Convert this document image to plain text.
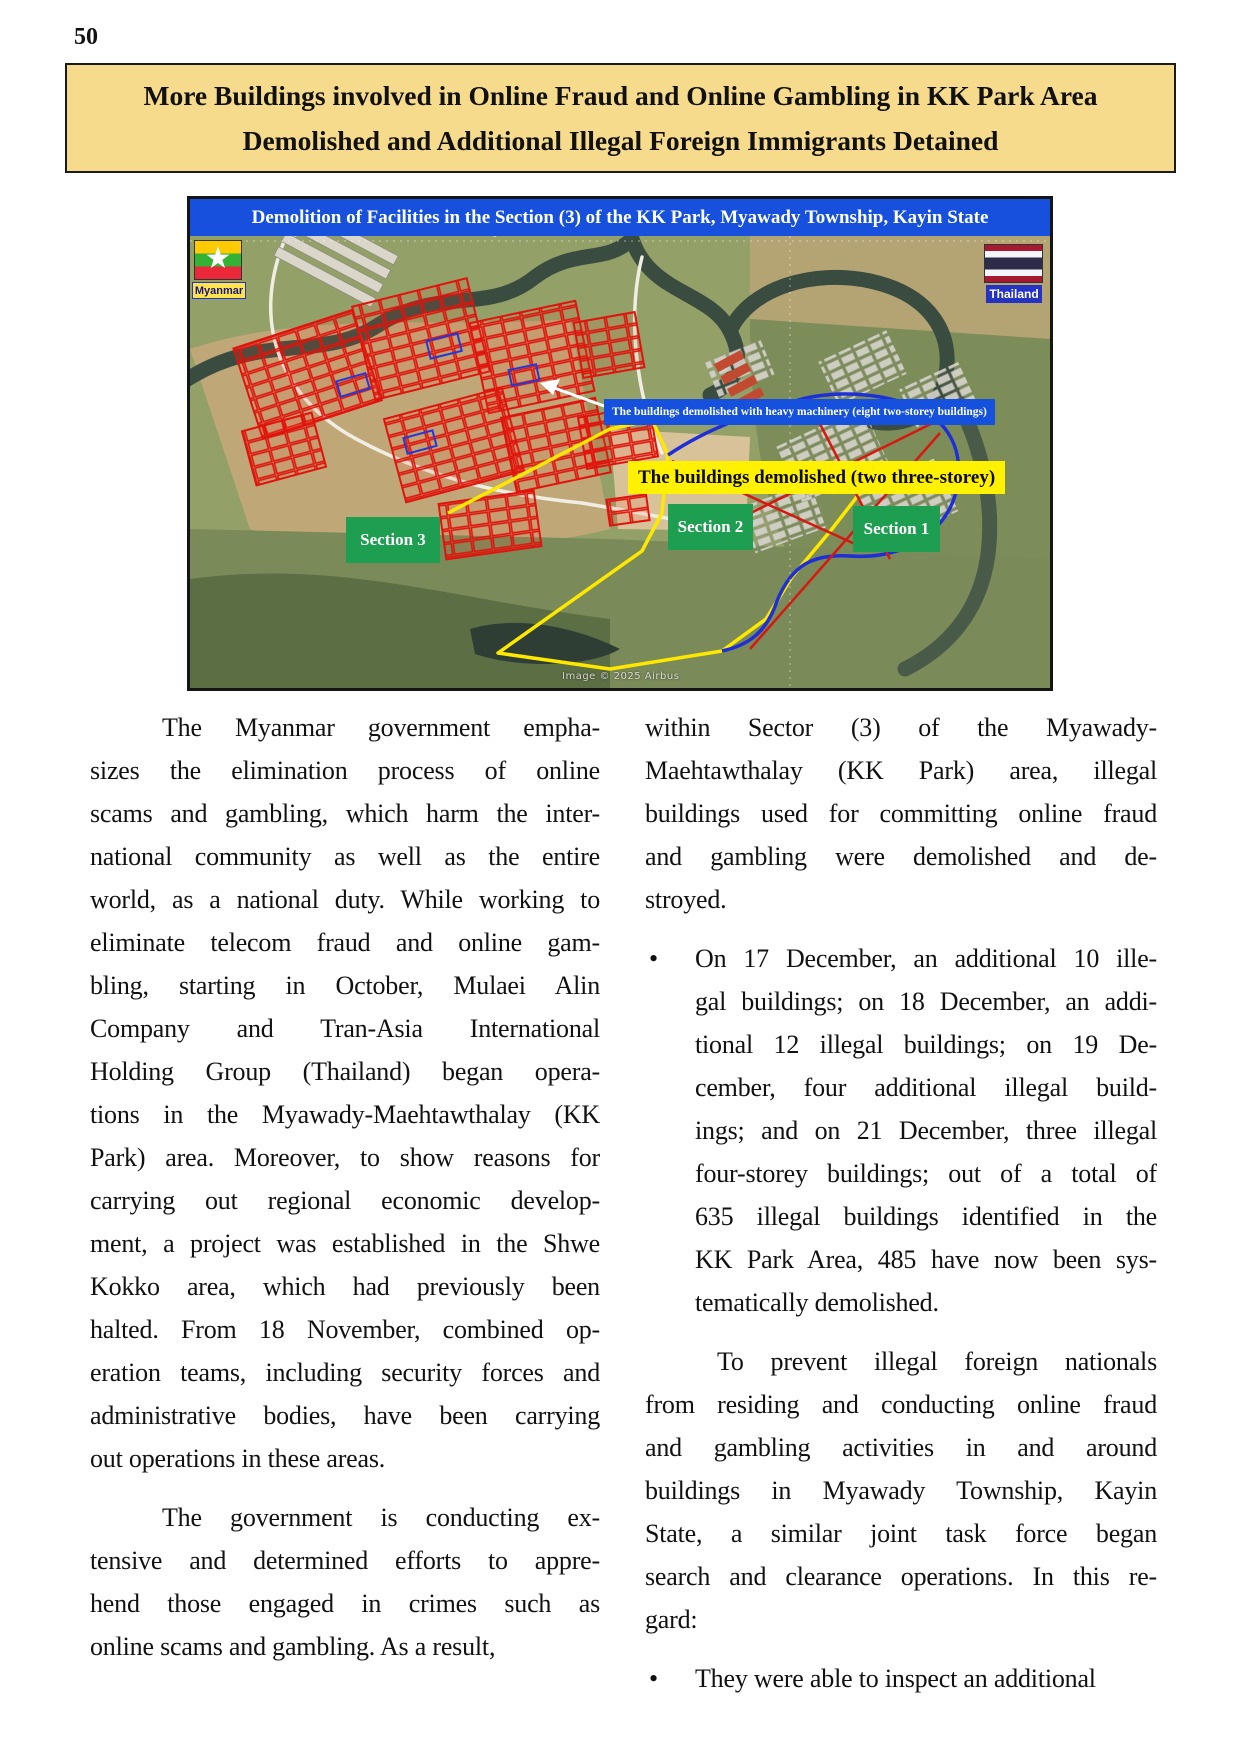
50
More Buildings involved in Online Fraud and Online Gambling in KK Park Area Demolished and Additional Illegal Foreign Immigrants Detained
Demolition of Facilities in the Section (3) of the KK Park, Myawady Township, Kayin State
★
Myanmar	Thailand
The buildings demolished with heavy machinery (eight two-storey buildings)
The buildings demolished (two three-storey)
Section 3
Section 2	Section 1
Image © 2025 Airbus
The Myanmar government empha-
sizes the elimination process of online
scams and gambling, which harm the inter-
national community as well as the entire
world, as a national duty. While working to
eliminate telecom fraud and online gam-
bling, starting in October, Mulaei Alin
Company and Tran-Asia International
Holding Group (Thailand) began opera-
tions in the Myawady-Maehtawthalay (KK
Park) area. Moreover, to show reasons for
carrying out regional economic develop-
ment, a project was established in the Shwe
Kokko area, which had previously been
halted. From 18 November, combined op-
eration teams, including security forces and
administrative bodies, have been carrying
out operations in these areas.
The government is conducting ex-
tensive and determined efforts to appre-
hend those engaged in crimes such as
online scams and gambling. As a result,
within Sector (3) of the Myawady-
Maehtawthalay (KK Park) area, illegal
buildings used for committing online fraud
and gambling were demolished and de-
stroyed.
• On 17 December, an additional 10 ille-
gal buildings; on 18 December, an addi-
tional 12 illegal buildings; on 19 De-
cember, four additional illegal build-
ings; and on 21 December, three illegal
four-storey buildings; out of a total of
635 illegal buildings identified in the
KK Park Area, 485 have now been sys-
tematically demolished.
To prevent illegal foreign nationals
from residing and conducting online fraud
and gambling activities in and around
buildings in Myawady Township, Kayin
State, a similar joint task force began
search and clearance operations. In this re-
gard:
• They were able to inspect an additional
